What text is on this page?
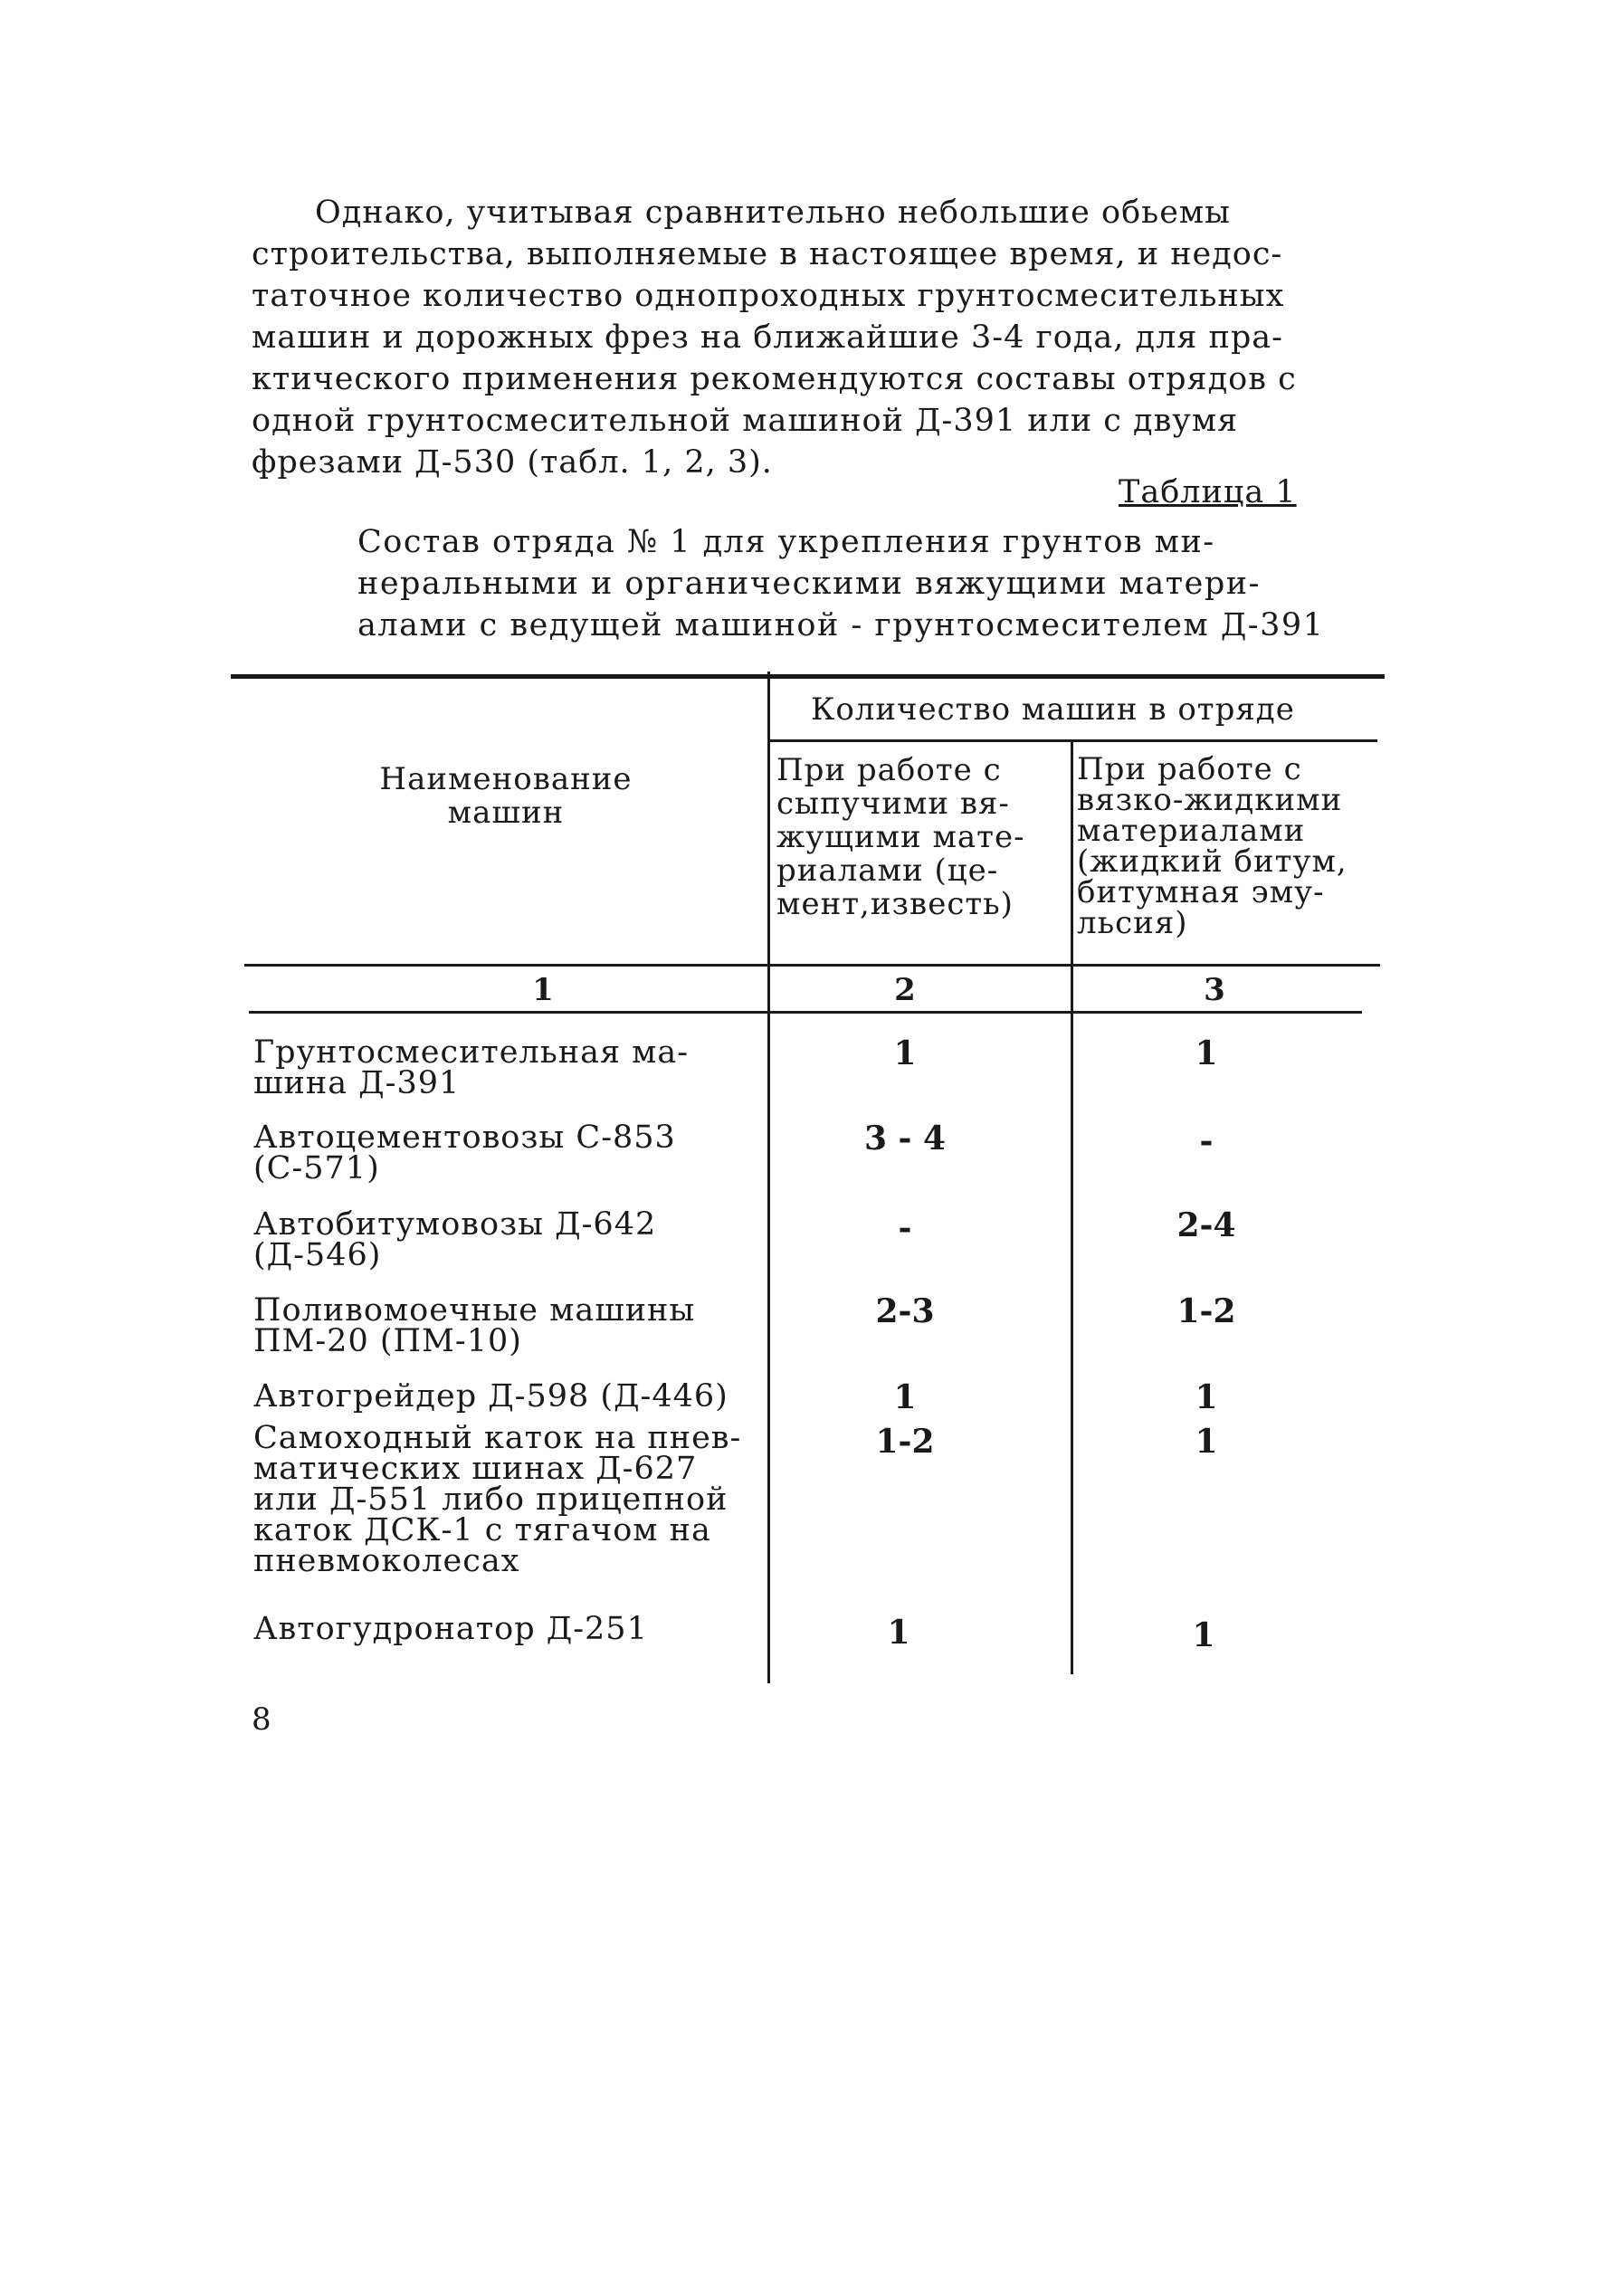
Однако, учитывая сравнительно небольшие обьемы
строительства, выполняемые в настоящее время, и недос-
таточное количество однопроходных грунтосмесительных
машин и дорожных фрез на ближайшие 3-4 года, для пра-
ктического применения рекомендуются составы отрядов с
одной грунтосмесительной машиной Д-391 или с двумя
фрезами Д-530 (табл. 1, 2, 3).
Таблица 1
Состав отряда № 1 для укрепления грунтов ми-
неральными и органическими вяжущими матери-
алами с ведущей машиной - грунтосмесителем Д-391
Наименование
машин
Количество машин в отряде
При работе с
сыпучими вя-
жущими мате-
риалами (це-
мент,известь)
При работе с
вязко-жидкими
материалами
(жидкий битум,
битумная эму-
льсия)
1	2	3
Грунтосмесительная ма-
шина Д-391
1	1
Автоцементовозы С-853
(С-571)
3 - 4	-
Автобитумовозы Д-642
(Д-546)
-	2-4
Поливомоечные машины
ПМ-20 (ПМ-10)
2-3	1-2
Автогрейдер Д-598 (Д-446)	1	1
Самоходный каток на пнев-
матических шинах Д-627
или Д-551 либо прицепной
каток ДСК-1 с тягачом на
пневмоколесах
1-2	1
Автогудронатор Д-251	1	1
8
